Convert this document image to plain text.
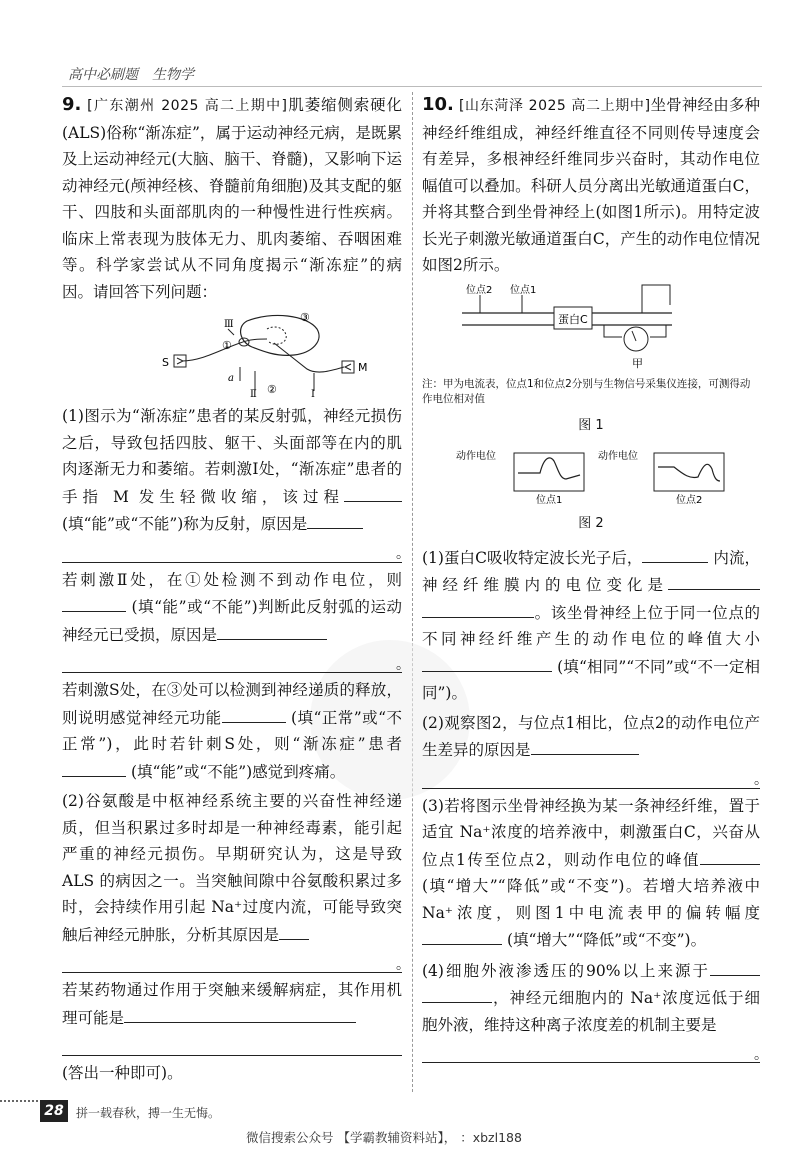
高中必刷题　生物学

9. [广东潮州 2025 高二上期中]肌萎缩侧索硬化(ALS)俗称“渐冻症”，属于运动神经元病，是既累及上运动神经元(大脑、脑干、脊髓)，又影响下运动神经元(颅神经核、脊髓前角细胞)及其支配的躯干、四肢和头面部肌肉的一种慢性进行性疾病。临床上常表现为肢体无力、肌肉萎缩、吞咽困难等。科学家尝试从不同角度揭示“渐冻症”的病因。请回答下列问题：

S	M
①
②
③
Ⅲ
Ⅱ	Ⅰ
a

(1)图示为“渐冻症”患者的某反射弧，神经元损伤之后，导致包括四肢、躯干、头面部等在内的肌肉逐渐无力和萎缩。若刺激Ⅰ处，“渐冻症”患者的手指 M 发生轻微收缩，该过程 (填“能”或“不能”)称为反射，原因是
。

若刺激Ⅱ处，在①处检测不到动作电位，则 (填“能”或“不能”)判断此反射弧的运动神经元已受损，原因是
。

若刺激S处，在③处可以检测到神经递质的释放，则说明感觉神经元功能	(填“正常”或“不正常”)，此时若针刺S处，则“渐冻症”患者 (填“能”或“不能”)感觉到疼痛。

(2)谷氨酸是中枢神经系统主要的兴奋性神经递质，但当积累过多时却是一种神经毒素，能引起严重的神经元损伤。早期研究认为，这是导致 ALS 的病因之一。当突触间隙中谷氨酸积累过多时，会持续作用引起 Na⁺过度内流，可能导致突触后神经元肿胀，分析其原因是
。
若某药物通过作用于突触来缓解病症，其作用机理可能是
(答出一种即可)。

10. [山东菏泽 2025 高二上期中]坐骨神经由多种神经纤维组成，神经纤维直径不同则传导速度会有差异，多根神经纤维同步兴奋时，其动作电位幅值可以叠加。科研人员分离出光敏通道蛋白C，并将其整合到坐骨神经上(如图1所示)。用特定波长光子刺激光敏通道蛋白C，产生的动作电位情况如图2所示。

蛋白C
位点2 位点1
甲

注：甲为电流表，位点1和位点2分别与生物信号采集仪连接，可测得动作电位相对值

图 1
动作电位
位点1
动作电位
位点2
图 2

(1)蛋白C吸收特定波长光子后，	内流，神经纤维膜内的电位变化是 。该坐骨神经上位于同一位点的不同神经纤维产生的动作电位的峰值大小 (填“相同”“不同”或“不一定相同”)。

(2)观察图2，与位点1相比，位点2的动作电位产生差异的原因是
。

(3)若将图示坐骨神经换为某一条神经纤维，置于适宜 Na⁺浓度的培养液中，刺激蛋白C，兴奋从位点1传至位点2，则动作电位的峰值 (填“增大”“降低”或“不变”)。若增大培养液中 Na⁺浓度，则图1中电流表甲的偏转幅度 (填“增大”“降低”或“不变”)。

(4)细胞外液渗透压的90%以上来源于 ，神经元细胞内的 Na⁺浓度远低于细胞外液，维持这种离子浓度差的机制主要是
。

28	拼一载春秋，搏一生无悔。
微信搜索公众号 【学霸教辅资料站】， ：xbzl188
